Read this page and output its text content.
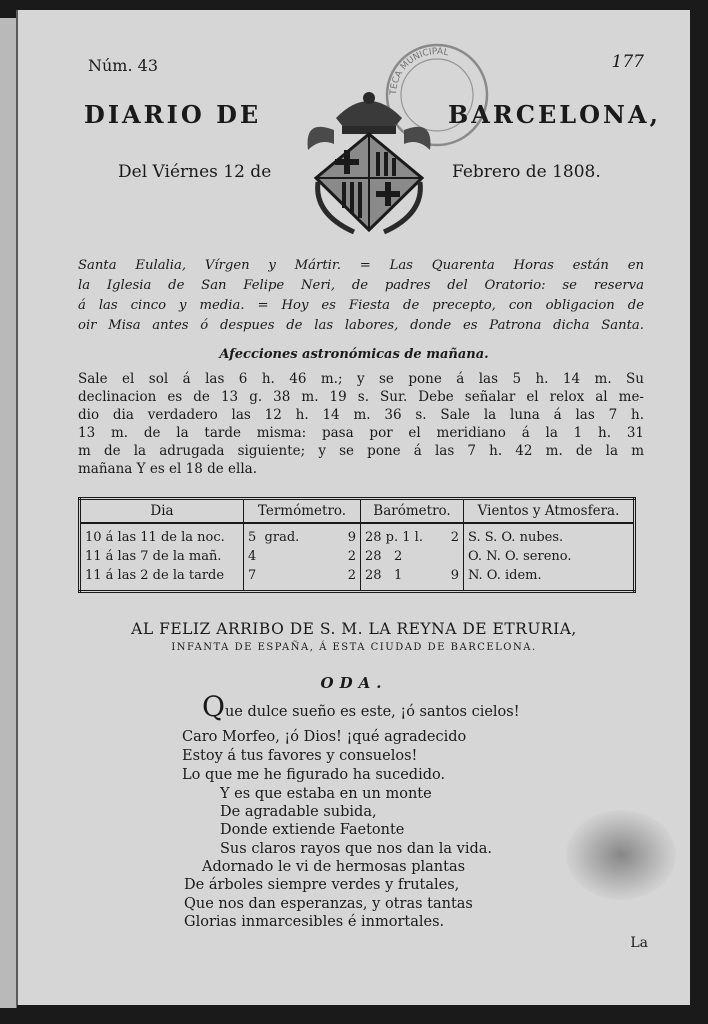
Núm. 43	177
TECA MUNICIPAL
DIARIO DE	BARCELONA,
Del Viérnes 12 de	Febrero de 1808.
Santa Eulalia, Vírgen y Mártir. = Las Quarenta Horas están en
la Iglesia de San Felipe Neri, de padres del Oratorio: se reserva
á las cinco y media. = Hoy es Fiesta de precepto, con obligacion de
oir Misa antes ó despues de las labores, donde es Patrona dicha Santa.
Afecciones astronómicas de mañana.
Sale el sol á las 6 h. 46 m.; y se pone á las 5 h. 14 m. Su
declinacion es de 13 g. 38 m. 19 s. Sur. Debe señalar el relox al me-
dio dia verdadero las 12 h. 14 m. 36 s. Sale la luna á las 7 h.
13 m. de la tarde misma: pasa por el meridiano á la 1 h. 31
m de la adrugada siguiente; y se pone á las 7 h. 42 m. de la m
mañana Y es el 18 de ella.
Dia	Termómetro.	Barómetro.	Vientos y Atmosfera.
10 á las 11 de la noc.	5 grad. 9	28 p. 1 l. 2	S. S. O. nubes.
11 á las 7 de la mañ.	4 2	28 2	O. N. O. sereno.
11 á las 2 de la tarde	7 2	28 1 9	N. O. idem.
AL FELIZ ARRIBO DE S. M. LA REYNA DE ETRURIA,
INFANTA DE ESPAÑA, Á ESTA CIUDAD DE BARCELONA.
ODA.
Que dulce sueño es este, ¡ó santos cielos!
Caro Morfeo, ¡ó Dios! ¡qué agradecido
Estoy á tus favores y consuelos!
Lo que me he figurado ha sucedido.
Y es que estaba en un monte
De agradable subida,
Donde extiende Faetonte
Sus claros rayos que nos dan la vida.
Adornado le vi de hermosas plantas
De árboles siempre verdes y frutales,
Que nos dan esperanzas, y otras tantas
Glorias inmarcesibles é inmortales.
La
